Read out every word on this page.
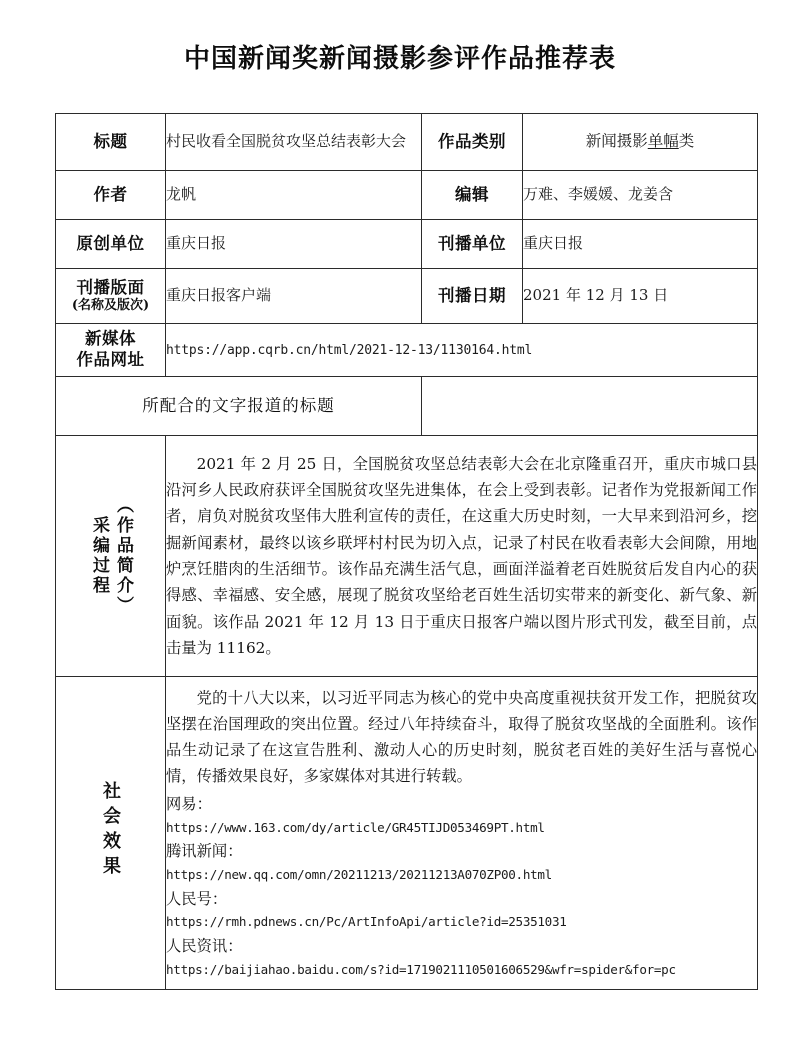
中国新闻奖新闻摄影参评作品推荐表
标题	村民收看全国脱贫攻坚总结表彰大会	作品类别	新闻摄影单幅类
作者	龙帆	编辑	万难、李媛媛、龙姜含
原创单位	重庆日报	刊播单位	重庆日报
刊播版面
(名称及版次)	重庆日报客户端	刊播日期	2021 年 12 月 13 日
新媒体
作品网址	https://app.cqrb.cn/html/2021-12-13/1130164.html		
所配合的文字报道的标题			

（作品简介）
采编过程	2021 年 2 月 25 日，全国脱贫攻坚总结表彰大会在北京隆重召开，重庆市城口县沿河乡人民政府获评全国脱贫攻坚先进集体，在会上受到表彰。记者作为党报新闻工作者，肩负对脱贫攻坚伟大胜利宣传的责任，在这重大历史时刻，一大早来到沿河乡，挖掘新闻素材，最终以该乡联坪村村民为切入点，记录了村民在收看表彰大会间隙，用地炉烹饪腊肉的生活细节。该作品充满生活气息，画面洋溢着老百姓脱贫后发自内心的获得感、幸福感、安全感，展现了脱贫攻坚给老百姓生活切实带来的新变化、新气象、新面貌。该作品 2021 年 12 月 13 日于重庆日报客户端以图片形式刊发，截至目前，点击量为 11162。		

社会效果	

党的十八大以来，以习近平同志为核心的党中央高度重视扶贫开发工作，把脱贫攻坚摆在治国理政的突出位置。经过八年持续奋斗，取得了脱贫攻坚战的全面胜利。该作品生动记录了在这宣告胜利、激动人心的历史时刻，脱贫老百姓的美好生活与喜悦心情，传播效果良好，多家媒体对其进行转载。

网易：

https://www.163.com/dy/article/GR45TIJD053469PT.html

腾讯新闻：

https://new.qq.com/omn/20211213/20211213A070ZP00.html

人民号：

https://rmh.pdnews.cn/Pc/ArtInfoApi/article?id=25351031

人民资讯：

https://baijiahao.baidu.com/s?id=1719021110501606529&wfr=spider&for=pc
